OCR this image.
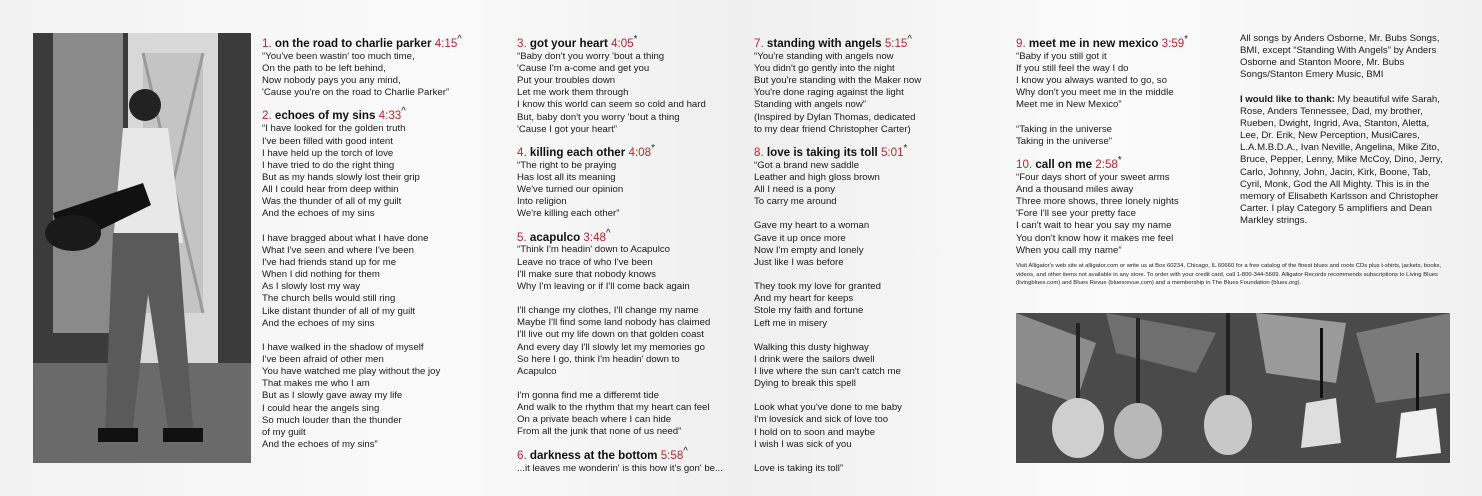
1. on the road to charlie parker 4:15^

“You've been wastin' too much time,
On the path to be left behind,
Now nobody pays you any mind,
'Cause you're on the road to Charlie Parker”

2. echoes of my sins 4:33^

“I have looked for the golden truth
I've been filled with good intent
I have held up the torch of love
I have tried to do the right thing
But as my hands slowly lost their grip
All I could hear from deep within
Was the thunder of all of my guilt
And the echoes of my sins
I have bragged about what I have done
What I've seen and where I've been
I've had friends stand up for me
When I did nothing for them
As I slowly lost my way
The church bells would still ring
Like distant thunder of all of my guilt
And the echoes of my sins
I have walked in the shadow of myself
I've been afraid of other men
You have watched me play without the joy
That makes me who I am
But as I slowly gave away my life
I could hear the angels sing
So much louder than the thunder
of my guilt
And the echoes of my sins”

3. got your heart 4:05*

“Baby don't you worry 'bout a thing
'Cause I'm a-come and get you
Put your troubles down
Let me work them through
I know this world can seem so cold and hard
But, baby don't you worry 'bout a thing
'Cause I got your heart”

4. killing each other 4:08*

“The right to be praying
Has lost all its meaning
We've turned our opinion
Into religion
We're killing each other”

5. acapulco 3:48^

“Think I'm headin' down to Acapulco
Leave no trace of who I've been
I'll make sure that nobody knows
Why I'm leaving or if I'll come back again
I'll change my clothes, I'll change my name
Maybe I'll find some land nobody has claimed
I'll live out my life down on that golden coast
And every day I'll slowly let my memories go
So here I go, think I'm headin' down to
Acapulco
I'm gonna find me a differemt tide
And walk to the rhythm that my heart can feel
On a private beach where I can hide
From all the junk that none of us need”

6. darkness at the bottom 5:58^

...it leaves me wonderin' is this how it's gon' be...

7. standing with angels 5:15^

“You're standing with angels now
You didn't go gently into the night
But you're standing with the Maker now
You're done raging against the light
Standing with angels now”
(Inspired by Dylan Thomas, dedicated
to my dear friend Christopher Carter)

8. love is taking its toll 5:01*

“Got a brand new saddle
Leather and high gloss brown
All I need is a pony
To carry me around
Gave my heart to a woman
Gave it up once more
Now I'm empty and lonely
Just like I was before
They took my love for granted
And my heart for keeps
Stole my faith and fortune
Left me in misery
Walking this dusty highway
I drink were the sailors dwell
I live where the sun can't catch me
Dying to break this spell
Look what you've done to me baby
I'm lovesick and sick of love too
I hold on to soon and maybe
I wish I was sick of you
Love is taking its toll”

9. meet me in new mexico 3:59*

“Baby if you still got it
If you still feel the way I do
I know you always wanted to go, so
Why don't you meet me in the middle
Meet me in New Mexico”
“Taking in the universe
Taking in the universe”

10. call on me 2:58*

“Four days short of your sweet arms
And a thousand miles away
Three more shows, three lonely nights
'Fore I'll see your pretty face
I can't wait to hear you say my name
You don't know how it makes me feel
When you call my name”

All songs by Anders Osborne, Mr. Bubs Songs, BMI, except “Standing With Angels” by Anders Osborne and Stanton Moore, Mr. Bubs Songs/Stanton Emery Music, BMI

I would like to thank: My beautiful wife Sarah, Rose, Anders Tennessee, Dad, my brother, Rueben, Dwight, Ingrid, Ava, Stanton, Aletta, Lee, Dr. Erik, New Perception, MusiCares, L.A.M.B.D.A., Ivan Neville, Angelina, Mike Zito, Bruce, Pepper, Lenny, Mike McCoy, Dino, Jerry, Carlo, Johnny, John, Jacin, Kirk, Boone, Tab, Cyril, Monk, God the All Mighty. This is in the memory of Elisabeth Karlsson and Christopher Carter. I play Category 5 amplifiers and Dean Markley strings.

Visit Alligator's web site at alligator.com or write us at Box 60234, Chicago, IL 60660 for a free catalog of the finest blues and roots CDs plus t-shirts, jackets, books, videos, and other items not available in any store. To order with your credit card, call 1-800-344-5609. Alligator Records recommends subscriptions to Living Blues (livingblues.com) and Blues Revue (bluesrevue.com) and a membership in The Blues Foundation (blues.org).
